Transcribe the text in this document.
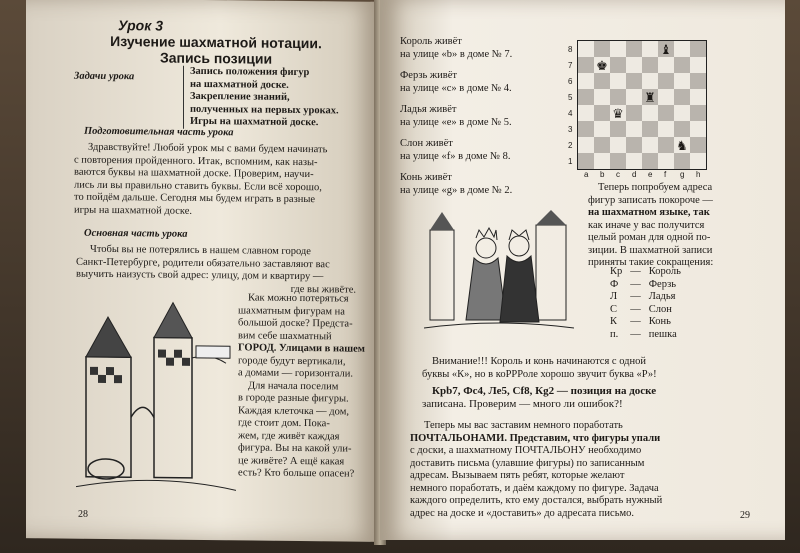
Урок 3
Изучение шахматной нотации.
Запись позиции
Задачи урока	Запись положения фигур
на шахматной доске.
Закрепление знаний,
полученных на первых уроках.
Игры на шахматной доске.
Подготовительная часть урока
Здравствуйте! Любой урок мы с вами будем начинать
с повторения пройденного. Итак, вспомним, как назы-
ваются буквы на шахматной доске. Проверим, научи-
лись ли вы правильно ставить буквы. Если всё хорошо,
то пойдём дальше. Сегодня мы будем играть в разные
игры на шахматной доске.
Основная часть урока
Чтобы вы не потерялись в нашем славном городе
Санкт-Петербурге, родители обязательно заставляют вас
выучить наизусть свой адрес: улицу, дом и квартиру —
где вы живёте.
Как можно потеряться
шахматным фигурам на
большой доске? Предста-
вим себе шахматный
ГОРОД. Улицами в нашем
городе будут вертикали,
а домами — горизонтали.
Для начала поселим
в городе разные фигуры.
Каждая клеточка — дом,
где стоит дом. Пока-
жем, где живёт каждая
фигура. Вы на какой ули-
це живёте? А ещё какая
есть? Кто больше опасен?
28
Король живёт
на улице «b» в доме № 7.
Ферзь живёт
на улице «c» в доме № 4.
Ладья живёт
на улице «e» в доме № 5.
Слон живёт
на улице «f» в доме № 8.
Конь живёт
на улице «g» в доме № 2.
♝
♚
♜
♛
♞
Теперь попробуем адреса
фигур записать покороче —
на шахматном языке, так
как иначе у вас получится
целый роман для одной по-
зиции. В шахматной записи
приняты такие сокращения:
Кр	—	Король
Ф	—	Ферзь
Л	—	Ладья
С	—	Слон
К	—	Конь
п.	—	пешка
Внимание!!! Король и конь начинаются с одной
буквы «К», но в коРРРоле хорошо звучит буква «Р»!
Крb7, Фс4, Ле5, Сf8, Кg2 — позиция на доске
записана. Проверим — много ли ошибок?!
Теперь мы вас заставим немного поработать
ПОЧТАЛЬОНАМИ. Представим, что фигуры упали
с доски, а шахматному ПОЧТАЛЬОНУ необходимо
доставить письма (улавшие фигуры) по записанным
адресам. Вызываем пять ребят, которые желают
немного поработать, и даём каждому по фигуре. Задача
каждого определить, кто ему достался, выбрать нужный
адрес на доске и «доставить» до адресата письмо.	29
8
7
6
5
4
3
2
1
a b c d e f g h
